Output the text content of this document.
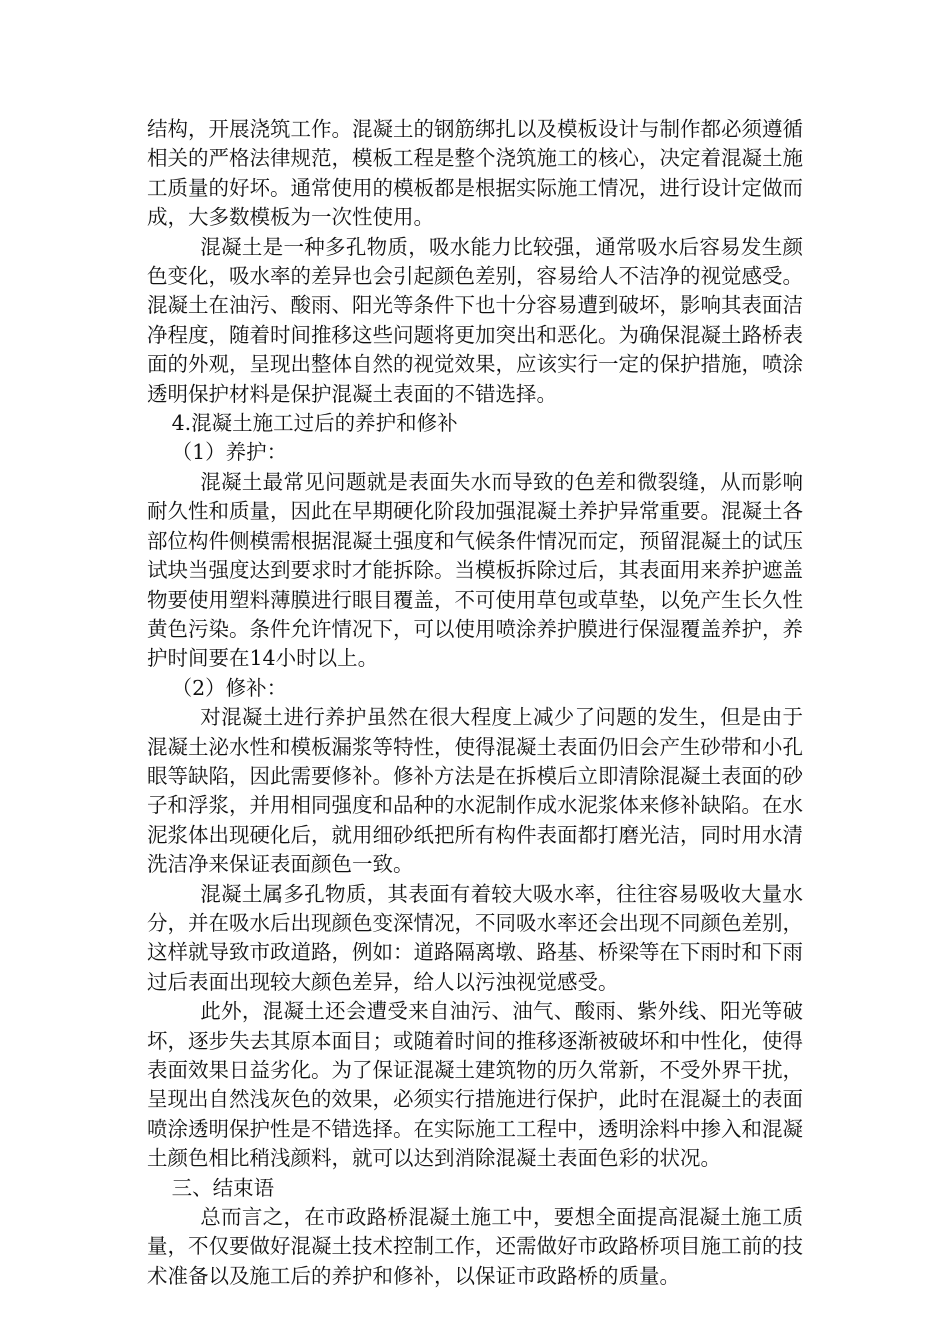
结构，开展浇筑工作。混凝土的钢筋绑扎以及模板设计与制作都必须遵循相关的严格法律规范，模板工程是整个浇筑施工的核心，决定着混凝土施工质量的好坏。通常使用的模板都是根据实际施工情况，进行设计定做而成，大多数模板为一次性使用。

混凝土是一种多孔物质，吸水能力比较强，通常吸水后容易发生颜色变化，吸水率的差异也会引起颜色差别，容易给人不洁净的视觉感受。混凝土在油污、酸雨、阳光等条件下也十分容易遭到破坏，影响其表面洁净程度，随着时间推移这些问题将更加突出和恶化。为确保混凝土路桥表面的外观，呈现出整体自然的视觉效果，应该实行一定的保护措施，喷涂透明保护材料是保护混凝土表面的不错选择。

4.混凝土施工过后的养护和修补

（1）养护：

混凝土最常见问题就是表面失水而导致的色差和微裂缝，从而影响耐久性和质量，因此在早期硬化阶段加强混凝土养护异常重要。混凝土各部位构件侧模需根据混凝土强度和气候条件情况而定，预留混凝土的试压试块当强度达到要求时才能拆除。当模板拆除过后，其表面用来养护遮盖物要使用塑料薄膜进行眼目覆盖，不可使用草包或草垫，以免产生长久性黄色污染。条件允许情况下，可以使用喷涂养护膜进行保湿覆盖养护，养护时间要在14小时以上。

（2）修补：

对混凝土进行养护虽然在很大程度上减少了问题的发生，但是由于混凝土泌水性和模板漏浆等特性，使得混凝土表面仍旧会产生砂带和小孔眼等缺陷，因此需要修补。修补方法是在拆模后立即清除混凝土表面的砂子和浮浆，并用相同强度和品种的水泥制作成水泥浆体来修补缺陷。在水泥浆体出现硬化后，就用细砂纸把所有构件表面都打磨光洁，同时用水清洗洁净来保证表面颜色一致。

混凝土属多孔物质，其表面有着较大吸水率，往往容易吸收大量水分，并在吸水后出现颜色变深情况，不同吸水率还会出现不同颜色差别，这样就导致市政道路，例如：道路隔离墩、路基、桥梁等在下雨时和下雨过后表面出现较大颜色差异，给人以污浊视觉感受。

此外，混凝土还会遭受来自油污、油气、酸雨、紫外线、阳光等破坏，逐步失去其原本面目；或随着时间的推移逐渐被破坏和中性化，使得表面效果日益劣化。为了保证混凝土建筑物的历久常新，不受外界干扰，呈现出自然浅灰色的效果，必须实行措施进行保护，此时在混凝土的表面喷涂透明保护性是不错选择。在实际施工工程中，透明涂料中掺入和混凝土颜色相比稍浅颜料，就可以达到消除混凝土表面色彩的状况。

三、结束语

总而言之，在市政路桥混凝土施工中，要想全面提高混凝土施工质量，不仅要做好混凝土技术控制工作，还需做好市政路桥项目施工前的技术准备以及施工后的养护和修补，以保证市政路桥的质量。
